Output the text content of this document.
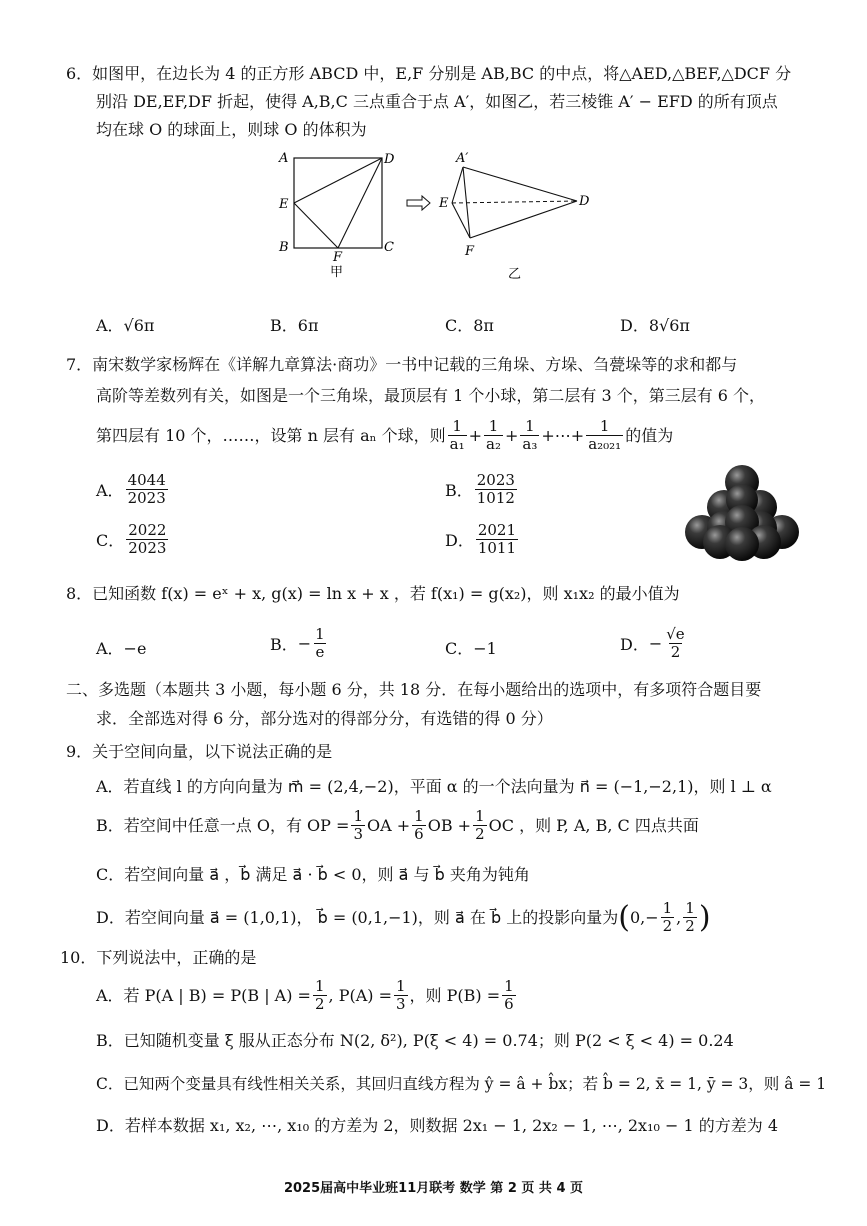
6．如图甲，在边长为 4 的正方形 ABCD 中，E,F 分别是 AB,BC 的中点，将△AED,△BEF,△DCF 分
别沿 DE,EF,DF 折起，使得 A,B,C 三点重合于点 A′，如图乙，若三棱锥 A′ − EFD 的所有顶点
均在球 O 的球面上，则球 O 的体积为
A	D
E
B	C
F
甲
A′
D
E
F
乙
A．√6π	B．6π	C．8π	D．8√6π
7．南宋数学家杨辉在《详解九章算法·商功》一书中记载的三角垛、方垛、刍甍垛等的求和都与
高阶等差数列有关，如图是一个三角垛，最顶层有 1 个小球，第二层有 3 个，第三层有 6 个，
第四层有 10 个，……，设第 n 层有 aₙ 个球，则 $\frac{1}{\text{a₁}} + \frac{1}{\text{a₂}} + \frac{1}{\text{a₃}}$ +⋯+ $\frac{1}{\text{a₂₀₂₁}}$ 的值为
A． $\frac{4044}{2023}$	B． $\frac{2023}{1012}$
C． $\frac{2022}{2023}$	D． $\frac{2021}{1011}$
8．已知函数 f(x) = eˣ + x, g(x) = ln x + x ，若 f(x₁) = g(x₂)，则 x₁x₂ 的最小值为
A．−e	B． − $\frac{1}{e}$	C．−1	D． − $\frac{√e}{2}$
二、多选题（本题共 3 小题，每小题 6 分，共 18 分．在每小题给出的选项中，有多项符合题目要
求．全部选对得 6 分，部分选对的得部分分，有选错的得 0 分）
9．关于空间向量，以下说法正确的是
A．若直线 l 的方向向量为 m⃗ = (2,4,−2)，平面 α 的一个法向量为 n⃗ = (−1,−2,1)，则 l ⊥ α
B．若空间中任意一点 O，有 OP = $\frac{1}{3}$ OA + $\frac{1}{6}$ OB + $\frac{1}{2}$ OC ，则 P, A, B, C 四点共面
C．若空间向量 a⃗ ，b⃗ 满足 a⃗ · b⃗ < 0，则 a⃗ 与 b⃗ 夹角为钝角
D．若空间向量 a⃗ = (1,0,1)， b⃗ = (0,1,−1)，则 a⃗ 在 b⃗ 上的投影向量为 ( $0,- \frac{1}{2}$ , $\frac{1}{2}$ )
10．下列说法中，正确的是
A．若 P(A | B) = P(B | $A) = \frac{1}{2}$ , $P(A) = \frac{1}{3}$ ，则 $P(B) = \frac{1}{6}$
B．已知随机变量 ξ 服从正态分布 N(2, δ²), P(ξ < 4) = 0.74；则 P(2 < ξ < 4) = 0.24
C．已知两个变量具有线性相关关系，其回归直线方程为 ŷ = â + b̂x；若 b̂ = 2, x̄ = 1, ȳ = 3，则 â = 1
D．若样本数据 x₁, x₂, ⋯, x₁₀ 的方差为 2，则数据 2x₁ − 1, 2x₂ − 1, ⋯, 2x₁₀ − 1 的方差为 4
2025届高中毕业班11月联考 数学 第 2 页 共 4 页
